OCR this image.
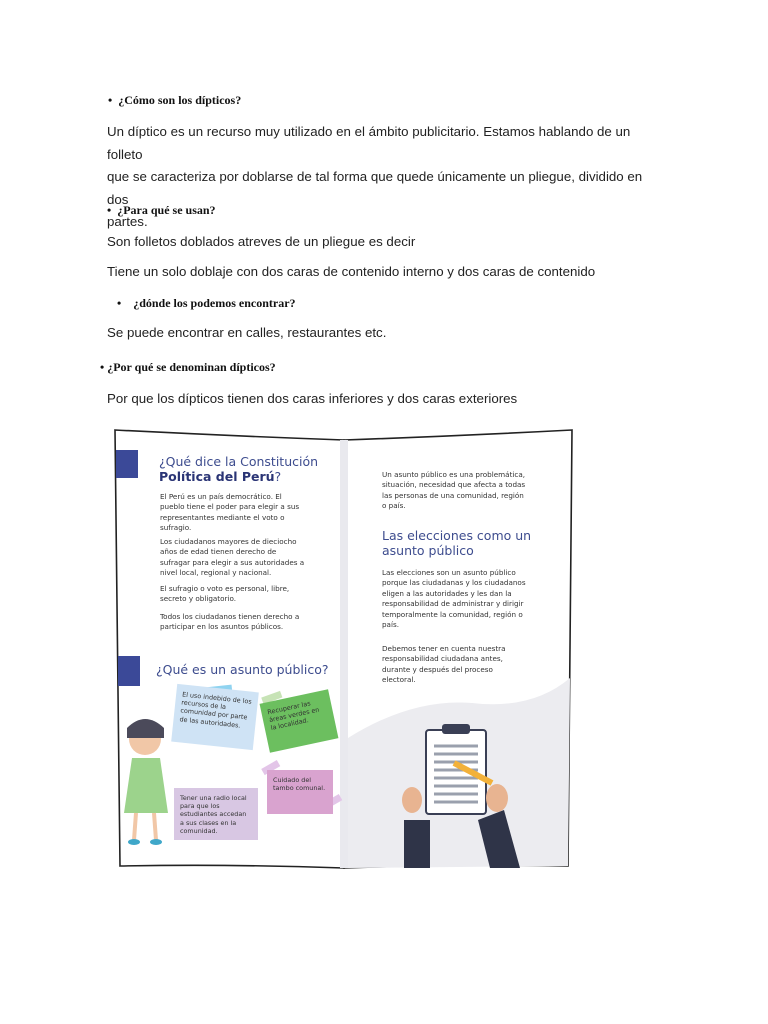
• ¿Cómo son los dípticos?
Un díptico es un recurso muy utilizado en el ámbito publicitario. Estamos hablando de un folleto
que se caracteriza por doblarse de tal forma que quede únicamente un pliegue, dividido en dos
partes.
• ¿Para qué se usan?
Son folletos doblados atreves de un pliegue es decir
Tiene un solo doblaje con dos caras de contenido interno y dos caras de contenido
• ¿dónde los podemos encontrar?
Se puede encontrar en calles, restaurantes etc.
• ¿Por qué se denominan dípticos?
Por que los dípticos tienen dos caras inferiores y dos caras exteriores
¿Qué dice la Constitución
Política del Perú?
El Perú es un país democrático. El
pueblo tiene el poder para elegir a sus
representantes mediante el voto o
sufragio.
Los ciudadanos mayores de dieciocho
años de edad tienen derecho de
sufragar para elegir a sus autoridades a
nivel local, regional y nacional.
El sufragio o voto es personal, libre,
secreto y obligatorio.
Todos los ciudadanos tienen derecho a
participar en los asuntos públicos.
¿Qué es un asunto público?
El uso indebido de los recursos de la comunidad por parte de las autoridades.
Recuperar las áreas verdes en la localidad.
Tener una radio local para que los estudiantes accedan a sus clases en la comunidad.
Cuidado del tambo comunal.
Un asunto público es una problemática,
situación, necesidad que afecta a todas
las personas de una comunidad, región
o país.
Las elecciones como un
asunto público
Las elecciones son un asunto público
porque las ciudadanas y los ciudadanos
eligen a las autoridades y les dan la
responsabilidad de administrar y dirigir
temporalmente la comunidad, región o
país.
Debemos tener en cuenta nuestra
responsabilidad ciudadana antes,
durante y después del proceso
electoral.
